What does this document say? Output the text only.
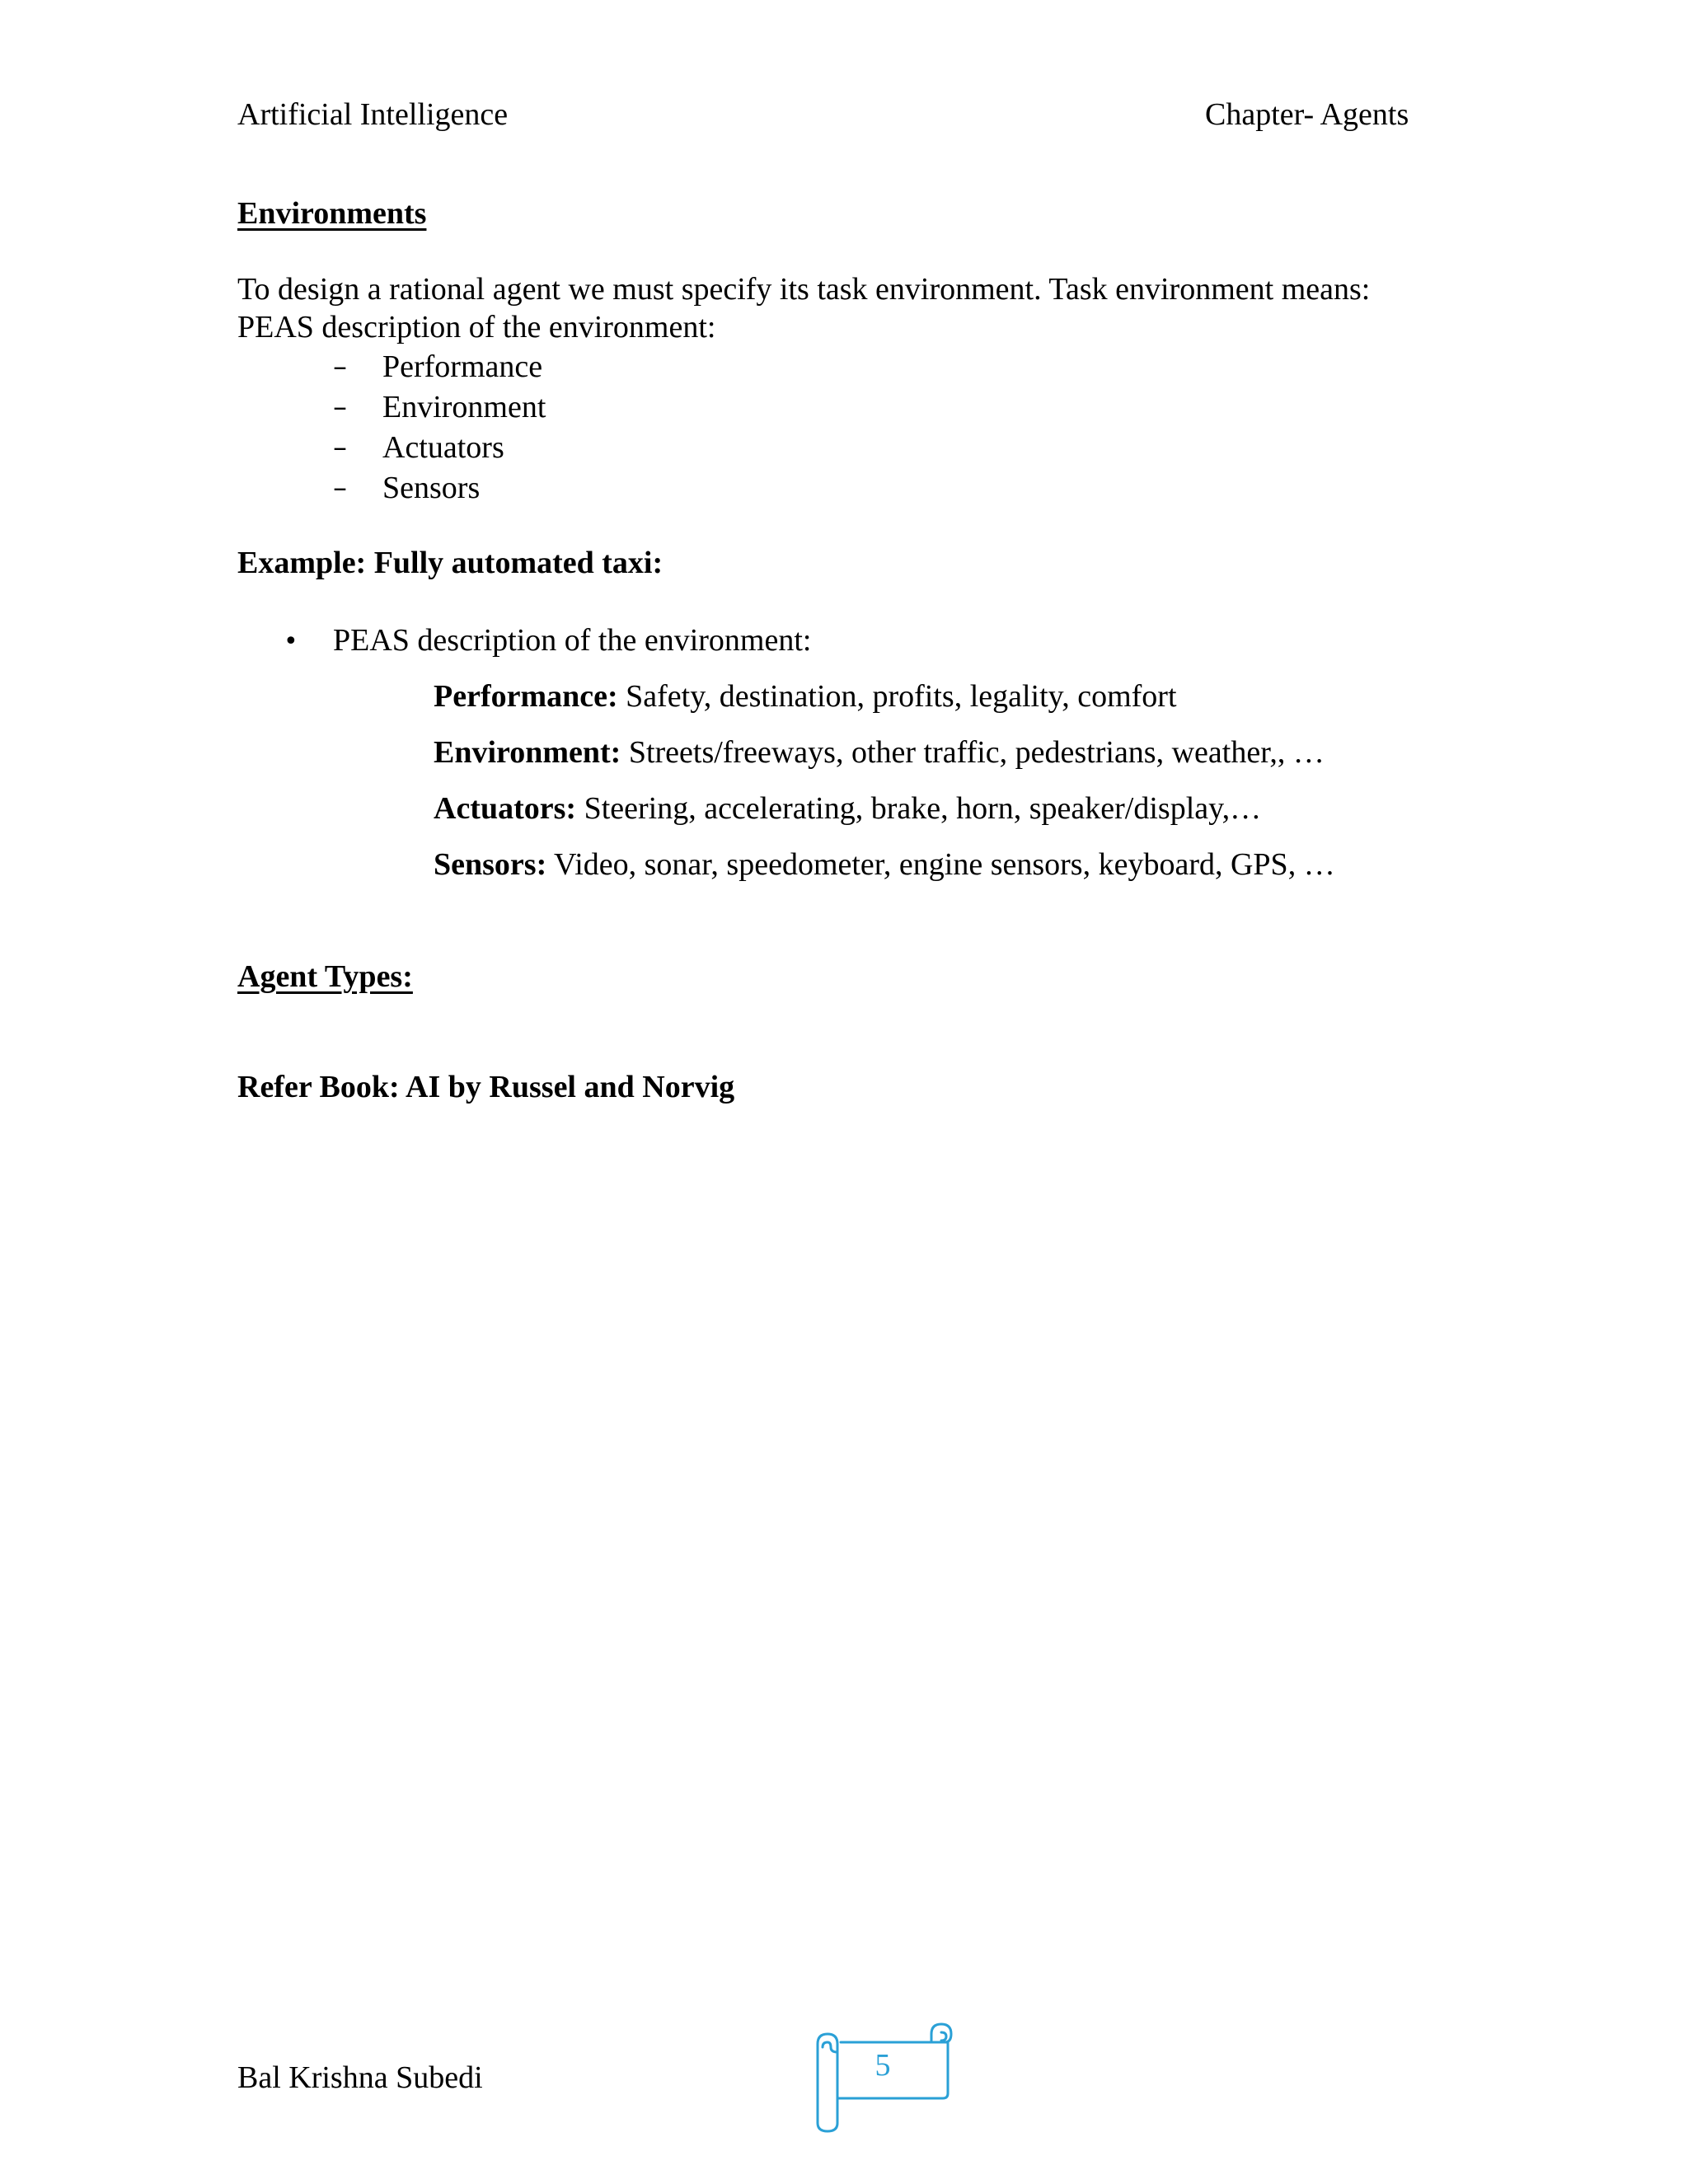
Artificial Intelligence	Chapter- Agents
Environments
To design a rational agent we must specify its task environment. Task environment means:
PEAS description of the environment:
– Performance
– Environment
– Actuators
– Sensors
Example: Fully automated taxi:
• PEAS description of the environment:
Performance: Safety, destination, profits, legality, comfort
Environment: Streets/freeways, other traffic, pedestrians, weather,, …
Actuators: Steering, accelerating, brake, horn, speaker/display,…
Sensors: Video, sonar, speedometer, engine sensors, keyboard, GPS, …
Agent Types:
Refer Book: AI by Russel and Norvig
Bal Krishna Subedi	5
